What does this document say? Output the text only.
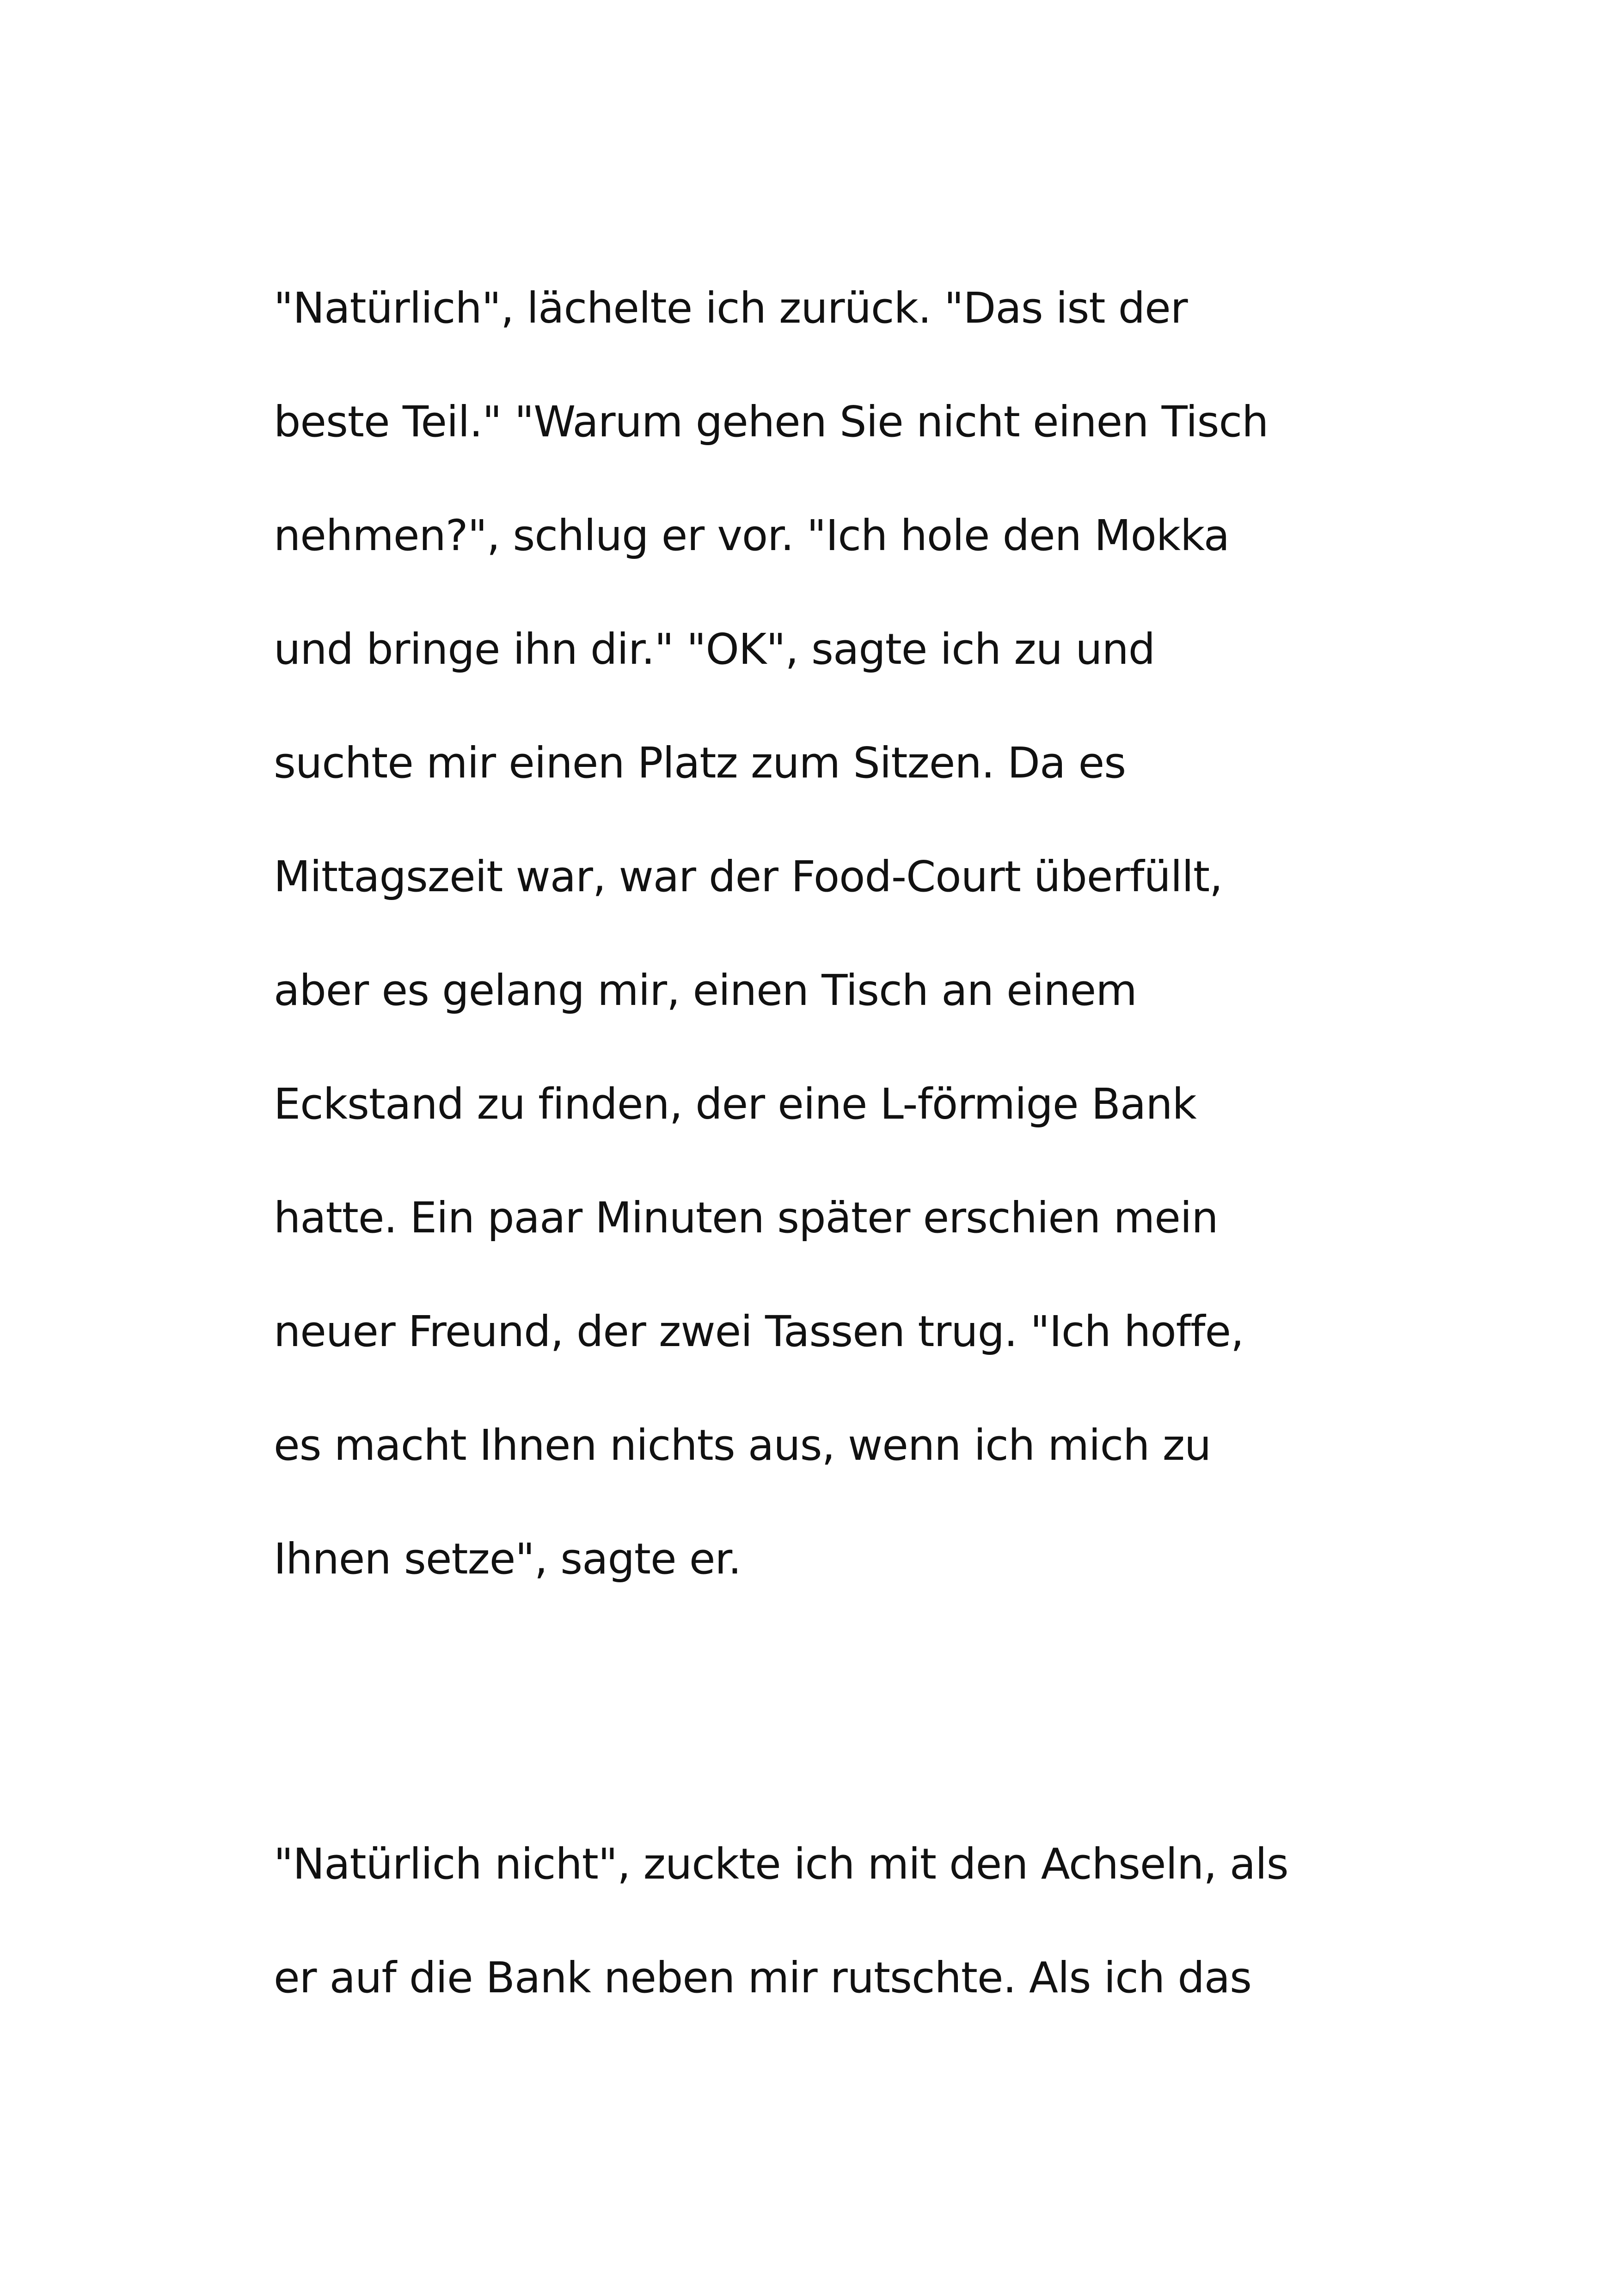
"Natürlich", lächelte ich zurück. "Das ist der

beste Teil." "Warum gehen Sie nicht einen Tisch

nehmen?", schlug er vor. "Ich hole den Mokka

und bringe ihn dir." "OK", sagte ich zu und

suchte mir einen Platz zum Sitzen. Da es

Mittagszeit war, war der Food-Court überfüllt,

aber es gelang mir, einen Tisch an einem

Eckstand zu finden, der eine L-förmige Bank

hatte. Ein paar Minuten später erschien mein

neuer Freund, der zwei Tassen trug. "Ich hoffe,

es macht Ihnen nichts aus, wenn ich mich zu

Ihnen setze", sagte er.

"Natürlich nicht", zuckte ich mit den Achseln, als

er auf die Bank neben mir rutschte. Als ich das
